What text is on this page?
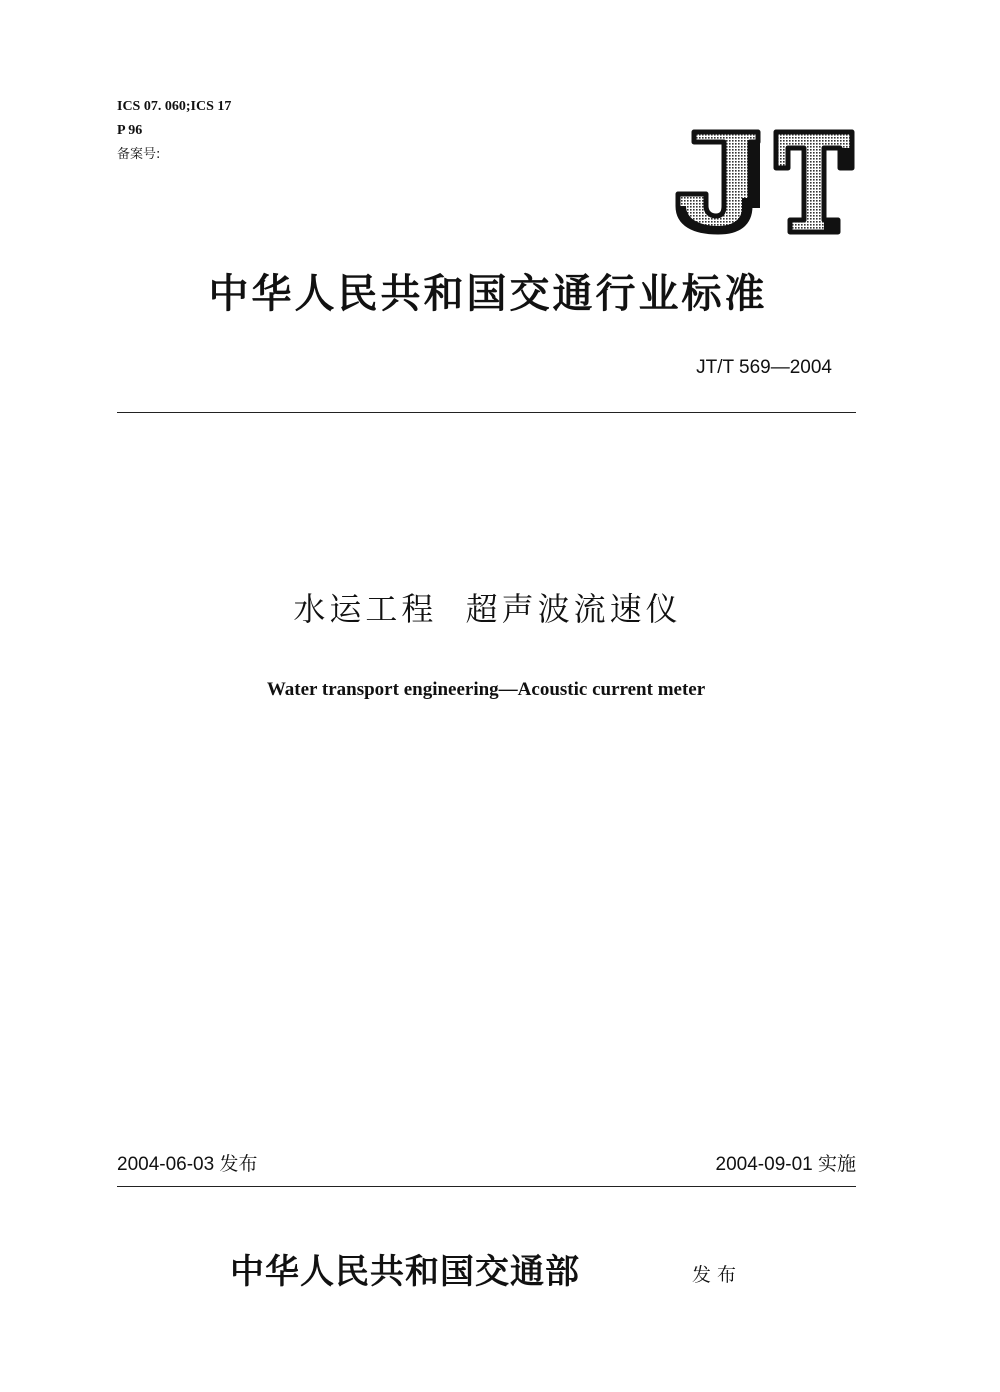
ICS 07. 060;ICS 17
P 96
备案号:
中华人民共和国交通行业标准
JT/T 569—2004
水运工程  超声波流速仪
Water transport engineering—Acoustic current meter
2004-06-03 发布	2004-09-01 实施
中华人民共和国交通部	发布
